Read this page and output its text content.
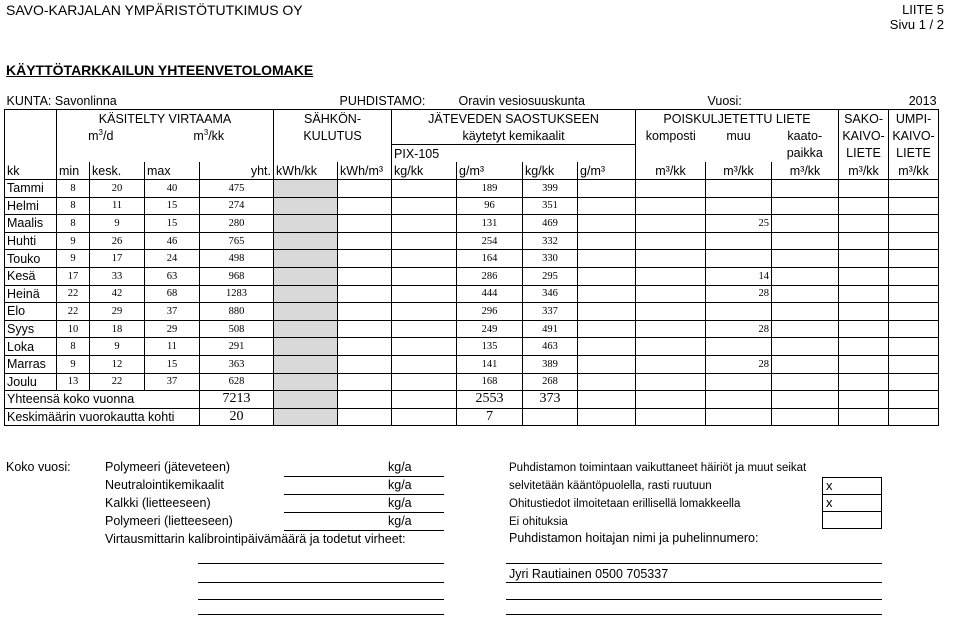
SAVO-KARJALAN YMPÄRISTÖTUTKIMUS OY	LIITE 5
Sivu 1 / 2
KÄYTTÖTARKKAILUN YHTEENVETOLOMAKE
KUNTA: Savonlinna						PUHDISTAMO:		Oravin vesiosuuskunta				Vuosi:			2013
	KÄSITELTY VIRTAAMA				SÄHKÖN-		JÄTEVEDEN SAOSTUKSEEN				POISKULJETETTU LIETE			SAKO-	UMPI-
	$m^3/d$		$m^3/kk$		KULUTUS		käytetyt kemikaalit				komposti	muu	kaato-	KAIVO-	KAIVO-
							PIX-105						paikka	LIETE	LIETE
kk	min	kesk.	max	yht.	kWh/kk	kWh/m³	kg/kk	g/m³	kg/kk	g/m³	m³/kk	m³/kk	m³/kk	m³/kk	m³/kk
Tammi	8	20	40	475				189	399						
Helmi	8	11	15	274				96	351						
Maalis	8	9	15	280				131	469			25			
Huhti	9	26	46	765				254	332						
Touko	9	17	24	498				164	330						
Kesä	17	33	63	968				286	295			14			
Heinä	22	42	68	1283				444	346			28			
Elo	22	29	37	880				296	337						
Syys	10	18	29	508				249	491			28			
Loka	8	9	11	291				135	463						
Marras	9	12	15	363				141	389			28			
Joulu	13	22	37	628				168	268						
Yhteensä koko vuonna				7213				2553	373						
Keskimäärin vuorokautta kohti				20				7							
Koko vuosi:	Polymeeri (jäteveteen)
Neutralointikemikaalit
Kalkki (lietteeseen)
Polymeeri (lietteeseen)
kg/a
kg/a
kg/a
kg/a
Virtausmittarin kalibrointipäivämäärä ja todetut virheet:
Puhdistamon toimintaan vaikuttaneet häiriöt ja muut seikat
selvitetään kääntöpuolella, rasti ruutuun
Ohitustiedot ilmoitetaan erillisellä lomakkeella
Ei ohituksia
x
x
Puhdistamon hoitajan nimi ja puhelinnumero:
Jyri Rautiainen 0500 705337
